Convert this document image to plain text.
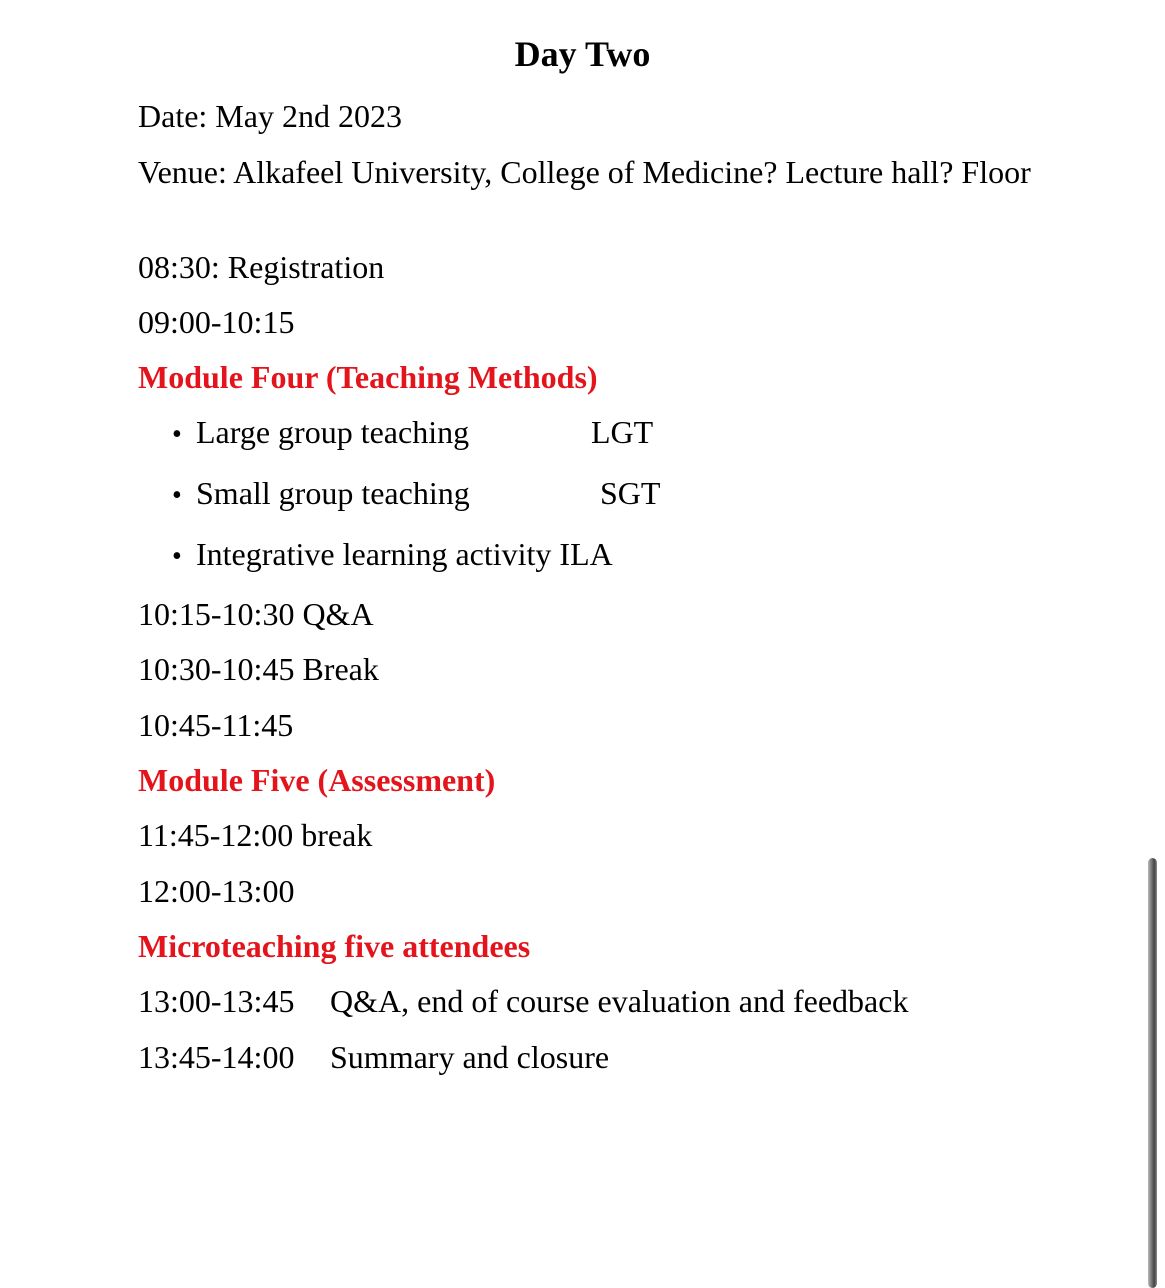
Day Two
Date: May 2nd 2023
Venue: Alkafeel University, College of Medicine? Lecture hall? Floor
08:30: Registration
09:00-10:15
Module Four (Teaching Methods)
• Large group teaching	LGT
• Small group teaching	SGT
• Integrative learning activity ILA
10:15-10:30 Q&A
10:30-10:45 Break
10:45-11:45
Module Five (Assessment)
11:45-12:00 break
12:00-13:00
Microteaching five attendees
13:00-13:45 Q&A, end of course evaluation and feedback
13:45-14:00 Summary and closure
